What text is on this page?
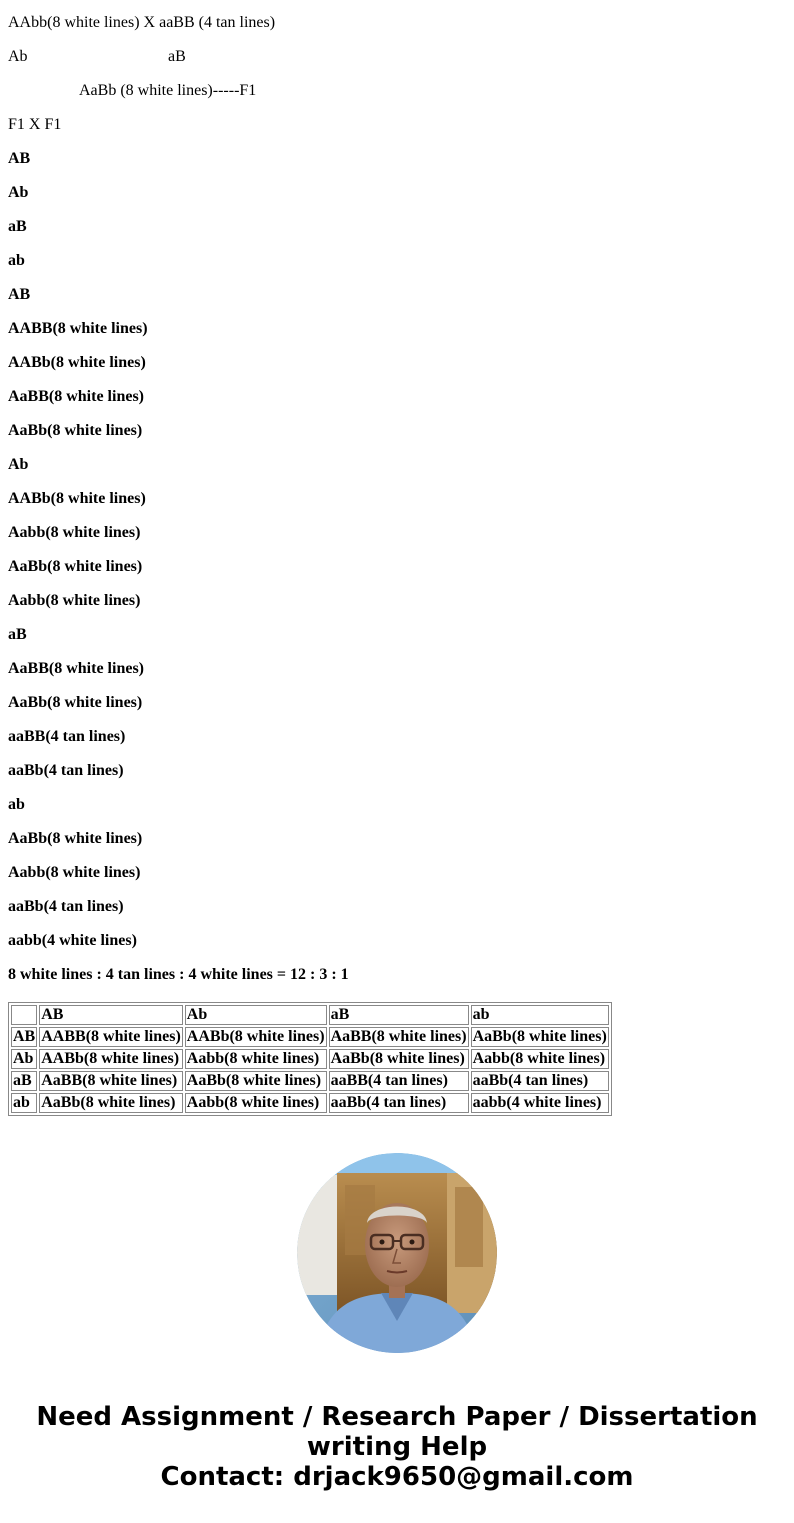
AAbb(8 white lines) X aaBB (4 tan lines)

Ab	aB

AaBb (8 white lines)-----F1

F1 X F1

AB

Ab

aB

ab

AB

AABB(8 white lines)

AABb(8 white lines)

AaBB(8 white lines)

AaBb(8 white lines)

Ab

AABb(8 white lines)

Aabb(8 white lines)

AaBb(8 white lines)

Aabb(8 white lines)

aB

AaBB(8 white lines)

AaBb(8 white lines)

aaBB(4 tan lines)

aaBb(4 tan lines)

ab

AaBb(8 white lines)

Aabb(8 white lines)

aaBb(4 tan lines)

aabb(4 white lines)

8 white lines : 4 tan lines : 4 white lines = 12 : 3 : 1

	AB	Ab	aB	ab
AB	AABB(8 white lines)	AABb(8 white lines)	AaBB(8 white lines)	AaBb(8 white lines)
Ab	AABb(8 white lines)	Aabb(8 white lines)	AaBb(8 white lines)	Aabb(8 white lines)
aB	AaBB(8 white lines)	AaBb(8 white lines)	aaBB(4 tan lines)	aaBb(4 tan lines)
ab	AaBb(8 white lines)	Aabb(8 white lines)	aaBb(4 tan lines)	aabb(4 white lines)
Need Assignment / Research Paper / Dissertation
writing Help
Contact: drjack9650@gmail.com
